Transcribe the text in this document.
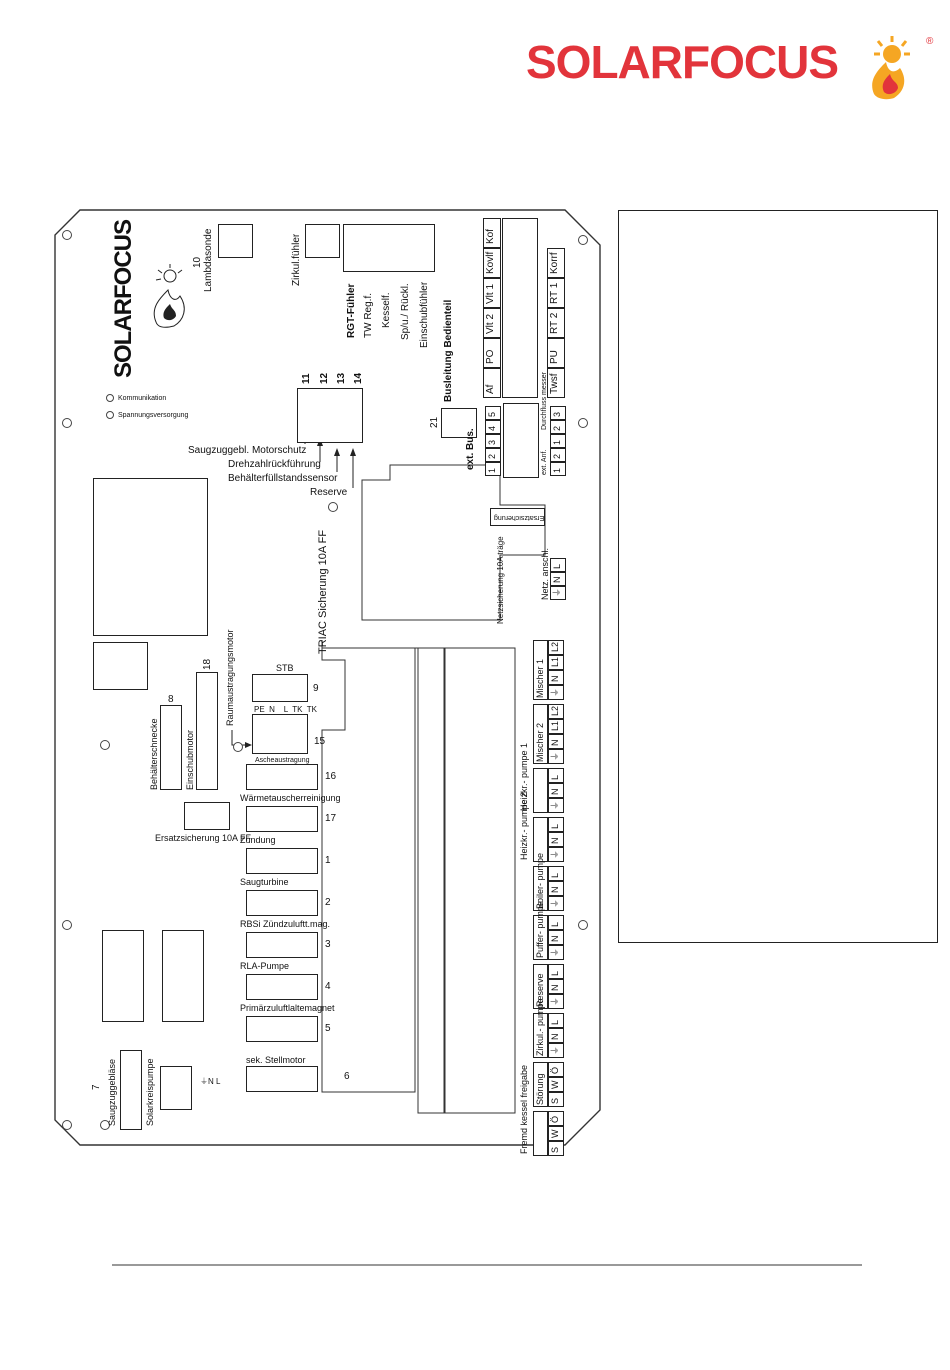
SOLARFOCUS	®
SOLARFOCUS
Kommunikation
Spannungsversorgung
10 Lambdasonde	Zirkul.fühler
RGT-Fühler TW Reg.f. Kesself. Sp/u./ Rückl. Einschubfühler Busleitung Bedienteil
21
Af
PO
Vlt 2
Vlt 1
Kovlf
Kof
Twsf
PU
RT 2
RT 1
Korrf
ext. Bus.
1
2
3
4
5	Durchfluss messer
ext. Anf. 1
2
1
2
3
11 12 13 14
Saugzuggebl. Motorschutz
Drehzahlrückführung
Behälterfüllstandssensor
Reserve
Ersatzsicherung
Netz. anschl.
Netzsicherung 10A träge	⏚
N
L
TRIAC Sicherung 10A FF
Behälterschnecke
8
Einschubmotor
18 Raumaustragungsmotor	STB
9
PE  N    L  TK  TK
Ascheaustragung
15
16
Wärmetauscherreinigung
17
Zündung
1
Saugturbine
2
RBSi Zündzuluftt.mag.
3
RLA-Pumpe
4
Primärzuluftlaltemagnet
5
sek. Stellmotor
6
Ersatzsicherung 10A FF
Saugzuggebläse
7	Solarkreispumpe	⏚ N L
⏚
N
L1
L2
Mischer 1
⏚
N
L1
L2
Mischer 2
⏚
N
L
Heizkr.- pumpe 1
⏚
N
L
Heizkr.- pumpe 2
⏚
N
L
Boiler- pumpe
⏚
N
L
Puffer- pumpe
⏚
N
L
Reserve
⏚
N
L
Zirkul.- pumpe
S
W
Ö
Störung
S
W
Ö
Fremd kessel freigabe
